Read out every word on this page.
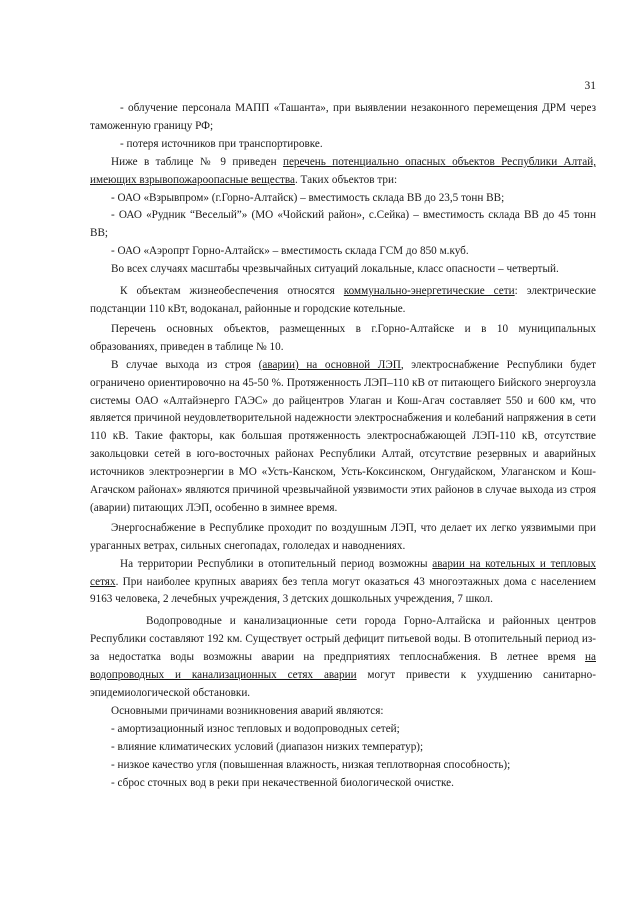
31

- облучение персонала МАПП «Ташанта», при выявлении незаконного перемещения ДРМ через таможенную границу РФ;

- потеря источников при транспортировке.

Ниже в таблице № 9 приведен перечень потенциально опасных объектов Республики Алтай, имеющих взрывопожароопасные вещества. Таких объектов три:

- ОАО «Взрывпром» (г.Горно-Алтайск) – вместимость склада ВВ до 23,5 тонн ВВ;

- ОАО «Рудник “Веселый”» (МО «Чойский район», с.Сейка) – вместимость склада ВВ до 45 тонн ВВ;

- ОАО «Аэропрт Горно-Алтайск» – вместимость склада ГСМ до 850 м.куб.

Во всех случаях масштабы чрезвычайных ситуаций локальные, класс опасности – четвертый.

К объектам жизнеобеспечения относятся коммунально-энергетические сети: электрические подстанции 110 кВт, водоканал, районные и городские котельные.

Перечень основных объектов, размещенных в г.Горно-Алтайске и в 10 муниципальных образованиях, приведен в таблице № 10.

В случае выхода из строя (аварии) на основной ЛЭП, электроснабжение Республики будет ограничено ориентировочно на 45-50 %. Протяженность ЛЭП–110 кВ от питающего Бийского энергоузла системы ОАО «Алтайэнерго ГАЭС» до райцентров Улаган и Кош-Агач составляет 550 и 600 км, что является причиной неудовлетворительной надежности электроснабжения и колебаний напряжения в сети 110 кВ. Такие факторы, как большая протяженность электроснабжающей ЛЭП-110 кВ, отсутствие закольцовки сетей в юго-восточных районах Республики Алтай, отсутствие резервных и аварийных источников электроэнергии в МО «Усть-Канском, Усть-Коксинском, Онгудайском, Улаганском и Кош-Агачском районах» являются причиной чрезвычайной уязвимости этих районов в случае выхода из строя (аварии) питающих ЛЭП, особенно в зимнее время.

Энергоснабжение в Республике проходит по воздушным ЛЭП, что делает их легко уязвимыми при ураганных ветрах, сильных снегопадах, гололедах и наводнениях.

На территории Республики в отопительный период возможны аварии на котельных и тепловых сетях. При наиболее крупных авариях без тепла могут оказаться 43 многоэтажных дома с населением 9163 человека, 2 лечебных учреждения, 3 детских дошкольных учреждения, 7 школ.

Водопроводные и канализационные сети города Горно-Алтайска и районных центров Республики составляют 192 км. Существует острый дефицит питьевой воды. В отопительный период из-за недостатка воды возможны аварии на предприятиях теплоснабжения. В летнее время на водопроводных и канализационных сетях аварии могут привести к ухудшению санитарно-эпидемиологической обстановки.

Основными причинами возникновения аварий являются:

- амортизационный износ тепловых и водопроводных сетей;

- влияние климатических условий (диапазон низких температур);

- низкое качество угля (повышенная влажность, низкая теплотворная способность);

- сброс сточных вод в реки при некачественной биологической очистке.
